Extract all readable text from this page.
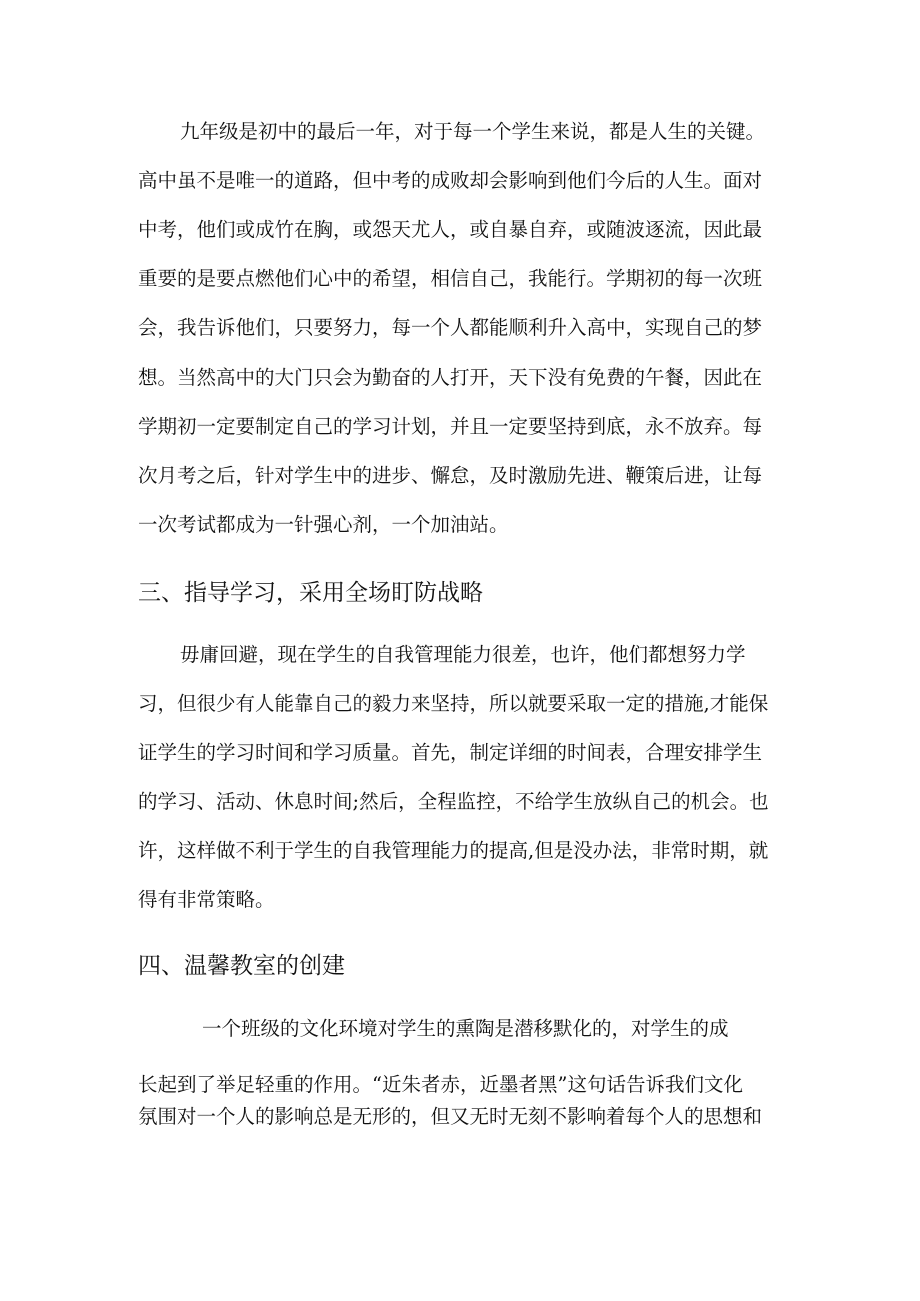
九年级是初中的最后一年，对于每一个学生来说，都是人生的关键。
高中虽不是唯一的道路，但中考的成败却会影响到他们今后的人生。面对
中考，他们或成竹在胸，或怨天尤人，或自暴自弃，或随波逐流，因此最
重要的是要点燃他们心中的希望，相信自己，我能行。学期初的每一次班
会，我告诉他们，只要努力，每一个人都能顺利升入高中，实现自己的梦
想。当然高中的大门只会为勤奋的人打开，天下没有免费的午餐，因此在
学期初一定要制定自己的学习计划，并且一定要坚持到底，永不放弃。每
次月考之后，针对学生中的进步、懈怠，及时激励先进、鞭策后进，让每
一次考试都成为一针强心剂，一个加油站。
三、指导学习，采用全场盯防战略
毋庸回避，现在学生的自我管理能力很差，也许，他们都想努力学
习，但很少有人能靠自己的毅力来坚持，所以就要采取一定的措施,才能保
证学生的学习时间和学习质量。首先，制定详细的时间表，合理安排学生
的学习、活动、休息时间;然后，全程监控，不给学生放纵自己的机会。也
许，这样做不利于学生的自我管理能力的提高,但是没办法，非常时期，就
得有非常策略。
四、温馨教室的创建
一个班级的文化环境对学生的熏陶是潜移默化的，对学生的成
长起到了举足轻重的作用。“近朱者赤，近墨者黑”这句话告诉我们文化
氛围对一个人的影响总是无形的，但又无时无刻不影响着每个人的思想和
